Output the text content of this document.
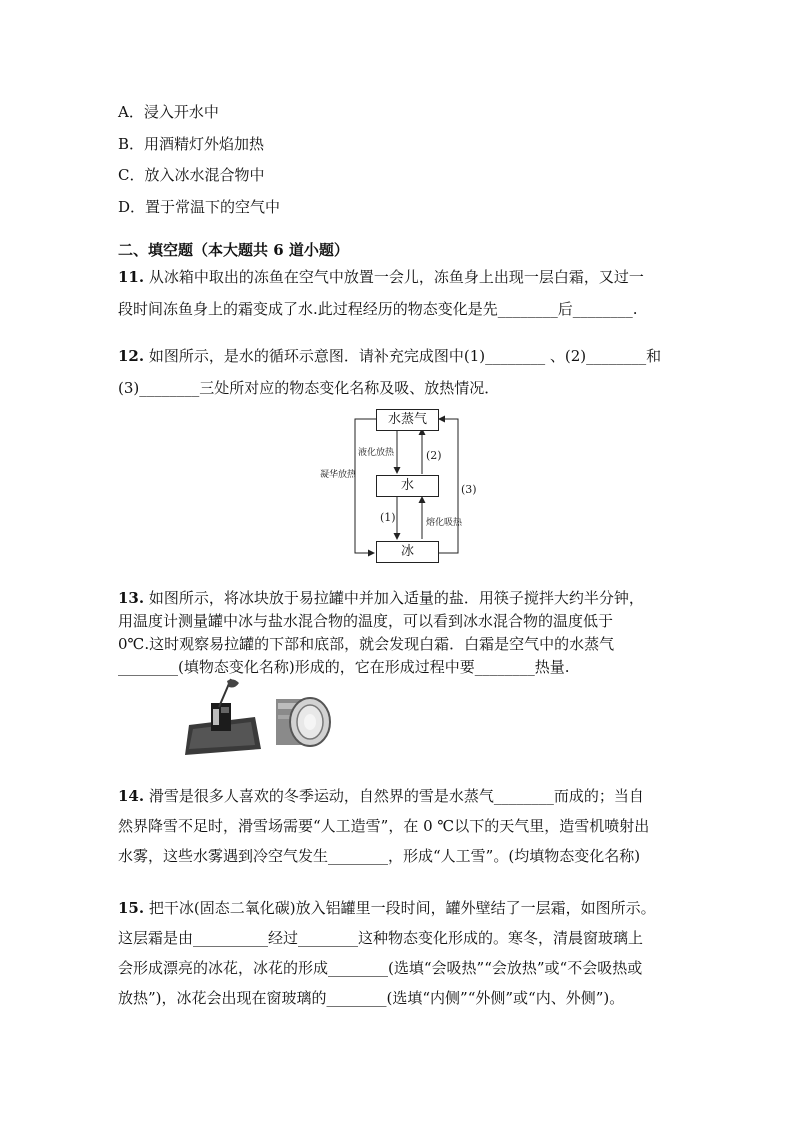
A．浸入开水中
B．用酒精灯外焰加热
C．放入冰水混合物中
D．置于常温下的空气中
二、填空题（本大题共 6 道小题）
11. 从冰箱中取出的冻鱼在空气中放置一会儿，冻鱼身上出现一层白霜，又过一
段时间冻鱼身上的霜变成了水.此过程经历的物态变化是先________后________.
12. 如图所示，是水的循环示意图．请补充完成图中(1)________ 、(2)________和
(3)________三处所对应的物态变化名称及吸、放热情况．
水蒸气
水
冰
液化放热
凝华放热
熔化吸热
(2)
(1)
(3)
13. 如图所示，将冰块放于易拉罐中并加入适量的盐．用筷子搅拌大约半分钟，
用温度计测量罐中冰与盐水混合物的温度，可以看到冰水混合物的温度低于
0℃.这时观察易拉罐的下部和底部，就会发现白霜．白霜是空气中的水蒸气
________(填物态变化名称)形成的，它在形成过程中要________热量.
14. 滑雪是很多人喜欢的冬季运动，自然界的雪是水蒸气________而成的；当自
然界降雪不足时，滑雪场需要“人工造雪”，在 0 ℃以下的天气里，造雪机喷射出
水雾，这些水雾遇到冷空气发生________，形成“人工雪”。(均填物态变化名称)
15. 把干冰(固态二氧化碳)放入铝罐里一段时间，罐外壁结了一层霜，如图所示。
这层霜是由__________经过________这种物态变化形成的。寒冬，清晨窗玻璃上
会形成漂亮的冰花，冰花的形成________(选填“会吸热”“会放热”或“不会吸热或
放热”)，冰花会出现在窗玻璃的________(选填“内侧”“外侧”或“内、外侧”)。
